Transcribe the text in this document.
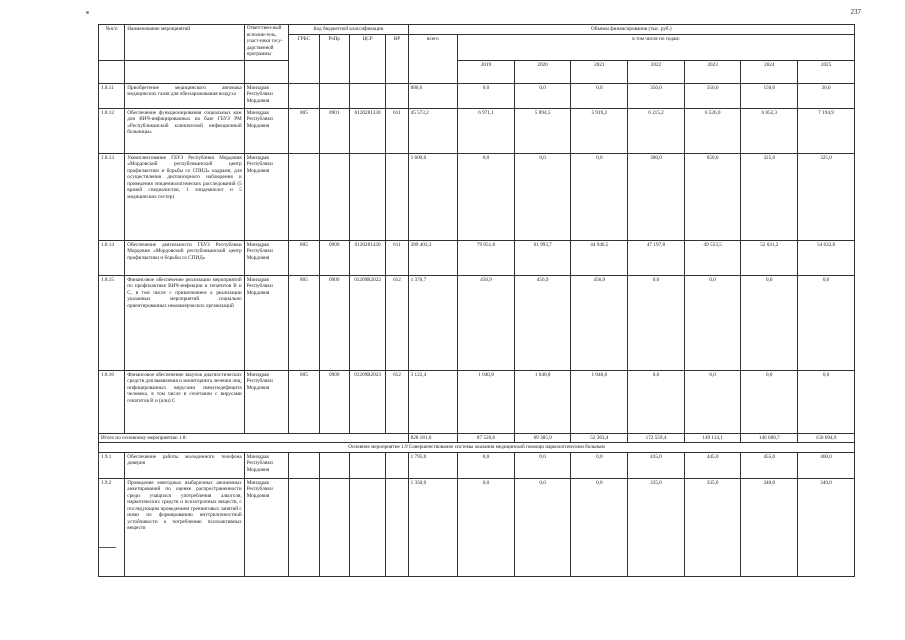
237
№п/п	Наименование мероприятий	Ответствен-ный исполни-тель, участ-ники госу-дарственной программы	Код бюджетной классификации				Объемы финансирования (тыс. руб.)							
			ГРБС	РзПр	ЦСР	ВР	всего	в том числе по годам:						
								2019	2020	2021	2022	2023	2024	2025
1.8.11	Приобретение медицинского автомака медицинских газов для обеззараживания воздуха	Минздрав Республики Мордовия					880,0	0,0	0,0	0,0	350,0	350,0	150,0	30,0
1.8.12	Обеспечение функционирования социальных кож для ВИЧ-инфицированных на базе ГБУЗ РМ «Республиканский клинической инфекционной больницы»	Минздрав Республики Мордовия	805	0901	0120281330	611	45 573,2	6 971,1	5 894,5	5 919,2	6 215,2	6 526,0	6 852,3	7 194,9
1.8.13	Укомплектование ГБУЗ Республики Мордовия «Мордовский республиканский центр профилактики и борьбы со СПИД» кадрами, для осуществления диспансерного наблюдения и проведения эпидемиологических расследований (5 врачей специалистов, 1 эпидемиолог и 5 медицинских сестер)	Минздрав Республики Мордовия					1 600,0	0,0	0,0	0,0	300,0	650,0	325,0	325,0
1.8.14	Обеспечение деятельности ГБУЗ Республики Мордовия «Мордовский республиканский центр профилактики и борьбы со СПИД»	Минздрав Республики Мордовия	805	0909	0120281420	611	389 403,3	79 051,8	61 993,7	44 946,5	47 197,8	49 553,5	52 031,2	54 632,8
1.8.15	Финансовое обеспечение реализации мероприятий по профилактике ВИЧ-инфекции и гепатитов В и С, в том числе с привлечением к реализации указанных мероприятий социально ориентированных некоммерческих организаций	Минздрав Республики Мордовия	805	0909	01209R2022	612	1 370,7	456,9	456,9	456,9	0,0	0,0	0,0	0,0
1.8.16	Финансовое обеспечение закупок диагностических средств для выявления и мониторинга лечения лиц, инфицированных вирусами иммунодефицита человека, в том числе в сочетании с вирусами гепатитов В и (или) С	Минздрав Республики Мордовия	805	0909	01209R2023	612	3 122,4	1 040,8	1 040,8	1 040,8	0,0	0,0	0,0	0,0
Итого по основному мероприятию 1.8:							828 181,0	87 520,6	69 385,9	52 363,4	172 559,4	149 114,1	146 600,7	150 694,9
Основное мероприятие 1.9 Совершенствование системы оказания медицинской помощи наркологическим больным														
1.9.1	Обеспечение работы молодежного телефона доверия	Минздрав Республики Мордовия					1 795,0	0,0	0,0	0,0	435,0	445,0	455,0	460,0
1.9.2	Проведение ежегодных выборочных анонимных анкетирований по оценке распространенности среди учащихся употребления алкоголя, наркотических средств и психотропных веществ, с последующим проведением тренинговых занятий с ними по формированию внутриличностной устойчивости к потреблению психоактивных веществ	Минздрав Республики Мордовия					1 350,0	0,0	0,0	0,0	335,0	335,0	340,0	340,0
